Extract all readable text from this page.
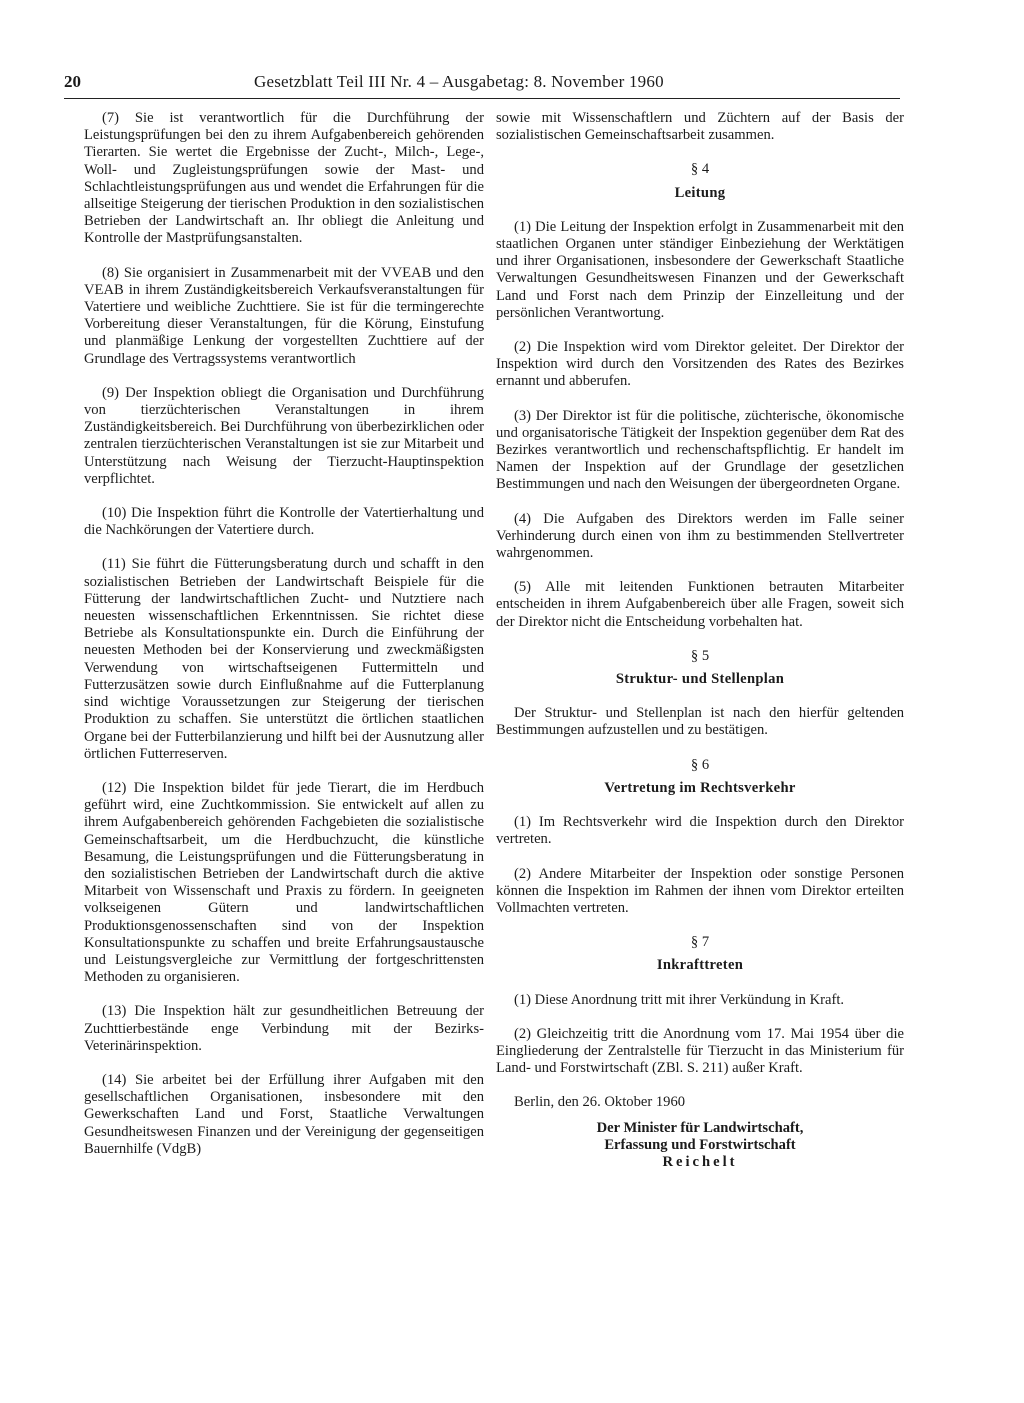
20	Gesetzblatt Teil III Nr. 4 – Ausgabetag: 8. November 1960

(7) Sie ist verantwortlich für die Durchführung der Leistungsprüfungen bei den zu ihrem Aufgabenbereich gehörenden Tierarten. Sie wertet die Ergebnisse der Zucht-, Milch-, Lege-, Woll- und Zugleistungsprüfungen sowie der Mast- und Schlachtleistungsprüfungen aus und wendet die Erfahrungen für die allseitige Steigerung der tierischen Produktion in den sozialistischen Betrieben der Landwirtschaft an. Ihr obliegt die Anleitung und Kontrolle der Mastprüfungsanstalten.

(8) Sie organisiert in Zusammenarbeit mit der VVEAB und den VEAB in ihrem Zuständigkeitsbereich Verkaufsveranstaltungen für Vatertiere und weibliche Zuchttiere. Sie ist für die termingerechte Vorbereitung dieser Veranstaltungen, für die Körung, Einstufung und planmäßige Lenkung der vorgestellten Zuchttiere auf der Grundlage des Vertragssystems verantwortlich

(9) Der Inspektion obliegt die Organisation und Durchführung von tierzüchterischen Veranstaltungen in ihrem Zuständigkeitsbereich. Bei Durchführung von überbezirklichen oder zentralen tierzüchterischen Veranstaltungen ist sie zur Mitarbeit und Unterstützung nach Weisung der Tierzucht-Hauptinspektion verpflichtet.

(10) Die Inspektion führt die Kontrolle der Vatertierhaltung und die Nachkörungen der Vatertiere durch.

(11) Sie führt die Fütterungsberatung durch und schafft in den sozialistischen Betrieben der Landwirtschaft Beispiele für die Fütterung der landwirtschaftlichen Zucht- und Nutztiere nach neuesten wissenschaftlichen Erkenntnissen. Sie richtet diese Betriebe als Konsultationspunkte ein. Durch die Einführung der neuesten Methoden bei der Konservierung und zweckmäßigsten Verwendung von wirtschaftseigenen Futtermitteln und Futterzusätzen sowie durch Einflußnahme auf die Futterplanung sind wichtige Voraussetzungen zur Steigerung der tierischen Produktion zu schaffen. Sie unterstützt die örtlichen staatlichen Organe bei der Futterbilanzierung und hilft bei der Ausnutzung aller örtlichen Futterreserven.

(12) Die Inspektion bildet für jede Tierart, die im Herdbuch geführt wird, eine Zuchtkommission. Sie entwickelt auf allen zu ihrem Aufgabenbereich gehörenden Fachgebieten die sozialistische Gemeinschaftsarbeit, um die Herdbuchzucht, die künstliche Besamung, die Leistungsprüfungen und die Fütterungsberatung in den sozialistischen Betrieben der Landwirtschaft durch die aktive Mitarbeit von Wissenschaft und Praxis zu fördern. In geeigneten volkseigenen Gütern und landwirtschaftlichen Produktionsgenossenschaften sind von der Inspektion Konsultationspunkte zu schaffen und breite Erfahrungsaustausche und Leistungsvergleiche zur Vermittlung der fortgeschrittensten Methoden zu organisieren.

(13) Die Inspektion hält zur gesundheitlichen Betreuung der Zuchttierbestände enge Verbindung mit der Bezirks-Veterinärinspektion.

(14) Sie arbeitet bei der Erfüllung ihrer Aufgaben mit den gesellschaftlichen Organisationen, insbesondere mit den Gewerkschaften Land und Forst, Staatliche Verwaltungen Gesundheitswesen Finanzen und der Vereinigung der gegenseitigen Bauernhilfe (VdgB)

sowie mit Wissenschaftlern und Züchtern auf der Basis der sozialistischen Gemeinschaftsarbeit zusammen.

§ 4

Leitung

(1) Die Leitung der Inspektion erfolgt in Zusammenarbeit mit den staatlichen Organen unter ständiger Einbeziehung der Werktätigen und ihrer Organisationen, insbesondere der Gewerkschaft Staatliche Verwaltungen Gesundheitswesen Finanzen und der Gewerkschaft Land und Forst nach dem Prinzip der Einzelleitung und der persönlichen Verantwortung.

(2) Die Inspektion wird vom Direktor geleitet. Der Direktor der Inspektion wird durch den Vorsitzenden des Rates des Bezirkes ernannt und abberufen.

(3) Der Direktor ist für die politische, züchterische, ökonomische und organisatorische Tätigkeit der Inspektion gegenüber dem Rat des Bezirkes verantwortlich und rechenschaftspflichtig. Er handelt im Namen der Inspektion auf der Grundlage der gesetzlichen Bestimmungen und nach den Weisungen der übergeordneten Organe.

(4) Die Aufgaben des Direktors werden im Falle seiner Verhinderung durch einen von ihm zu bestimmenden Stellvertreter wahrgenommen.

(5) Alle mit leitenden Funktionen betrauten Mitarbeiter entscheiden in ihrem Aufgabenbereich über alle Fragen, soweit sich der Direktor nicht die Entscheidung vorbehalten hat.

§ 5

Struktur- und Stellenplan

Der Struktur- und Stellenplan ist nach den hierfür geltenden Bestimmungen aufzustellen und zu bestätigen.

§ 6

Vertretung im Rechtsverkehr

(1) Im Rechtsverkehr wird die Inspektion durch den Direktor vertreten.

(2) Andere Mitarbeiter der Inspektion oder sonstige Personen können die Inspektion im Rahmen der ihnen vom Direktor erteilten Vollmachten vertreten.

§ 7

Inkrafttreten

(1) Diese Anordnung tritt mit ihrer Verkündung in Kraft.

(2) Gleichzeitig tritt die Anordnung vom 17. Mai 1954 über die Eingliederung der Zentralstelle für Tierzucht in das Ministerium für Land- und Forstwirtschaft (ZBl. S. 211) außer Kraft.

Berlin, den 26. Oktober 1960

Der Minister für Landwirtschaft,

Erfassung und Forstwirtschaft

Reichelt
